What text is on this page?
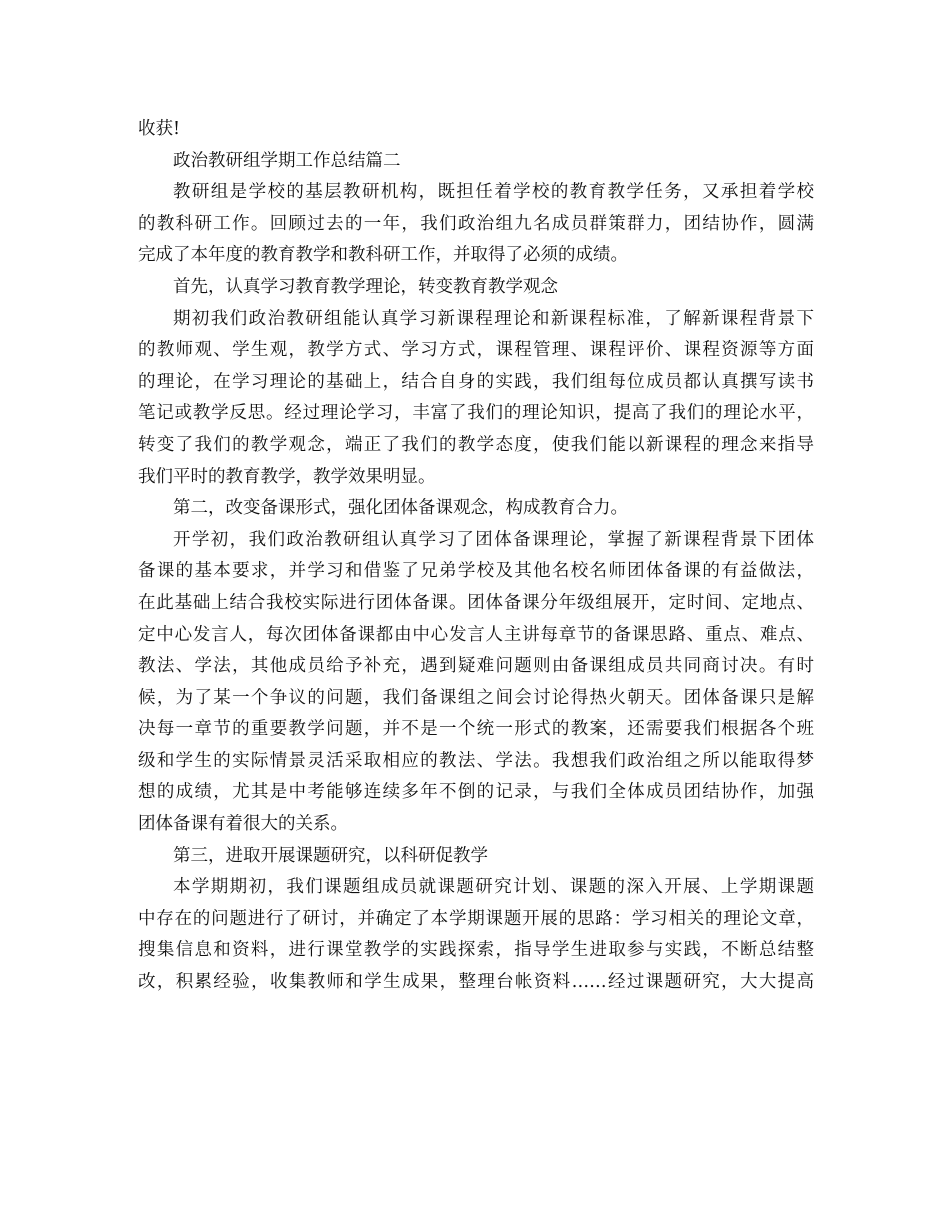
收获!
政治教研组学期工作总结篇二
教研组是学校的基层教研机构，既担任着学校的教育教学任务，又承担着学校
的教科研工作。回顾过去的一年，我们政治组九名成员群策群力，团结协作，圆满
完成了本年度的教育教学和教科研工作，并取得了必须的成绩。
首先，认真学习教育教学理论，转变教育教学观念
期初我们政治教研组能认真学习新课程理论和新课程标准，了解新课程背景下
的教师观、学生观，教学方式、学习方式，课程管理、课程评价、课程资源等方面
的理论，在学习理论的基础上，结合自身的实践，我们组每位成员都认真撰写读书
笔记或教学反思。经过理论学习，丰富了我们的理论知识，提高了我们的理论水平，
转变了我们的教学观念，端正了我们的教学态度，使我们能以新课程的理念来指导
我们平时的教育教学，教学效果明显。
第二，改变备课形式，强化团体备课观念，构成教育合力。
开学初，我们政治教研组认真学习了团体备课理论，掌握了新课程背景下团体
备课的基本要求，并学习和借鉴了兄弟学校及其他名校名师团体备课的有益做法，
在此基础上结合我校实际进行团体备课。团体备课分年级组展开，定时间、定地点、
定中心发言人，每次团体备课都由中心发言人主讲每章节的备课思路、重点、难点、
教法、学法，其他成员给予补充，遇到疑难问题则由备课组成员共同商讨决。有时
候，为了某一个争议的问题，我们备课组之间会讨论得热火朝天。团体备课只是解
决每一章节的重要教学问题，并不是一个统一形式的教案，还需要我们根据各个班
级和学生的实际情景灵活采取相应的教法、学法。我想我们政治组之所以能取得梦
想的成绩，尤其是中考能够连续多年不倒的记录，与我们全体成员团结协作，加强
团体备课有着很大的关系。
第三，进取开展课题研究，以科研促教学
本学期期初，我们课题组成员就课题研究计划、课题的深入开展、上学期课题
中存在的问题进行了研讨，并确定了本学期课题开展的思路：学习相关的理论文章，
搜集信息和资料，进行课堂教学的实践探索，指导学生进取参与实践，不断总结整
改，积累经验，收集教师和学生成果，整理台帐资料……经过课题研究，大大提高
